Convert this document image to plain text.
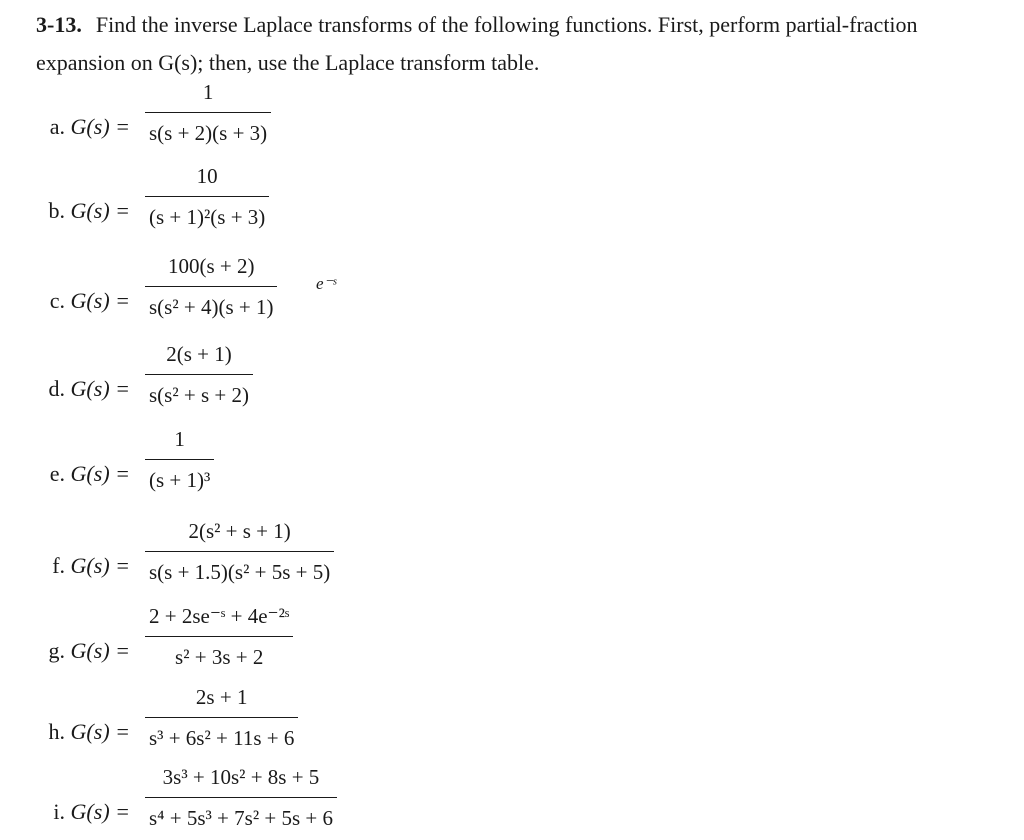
3-13. Find the inverse Laplace transforms of the following functions. First, perform partial-fraction
expansion on G(s); then, use the Laplace transform table.
a. G(s) =
1
s(s + 2)(s + 3)
b. G(s) =
10
(s + 1)²(s + 3)
c. G(s) =
100(s + 2)
s(s² + 4)(s + 1)
e⁻ˢ
d. G(s) =
2(s + 1)
s(s² + s + 2)
e. G(s) =
1
(s + 1)³
f. G(s) =
2(s² + s + 1)
s(s + 1.5)(s² + 5s + 5)
g. G(s) =
2 + 2se⁻ˢ + 4e⁻²ˢ
s² + 3s + 2
h. G(s) =
2s + 1
s³ + 6s² + 11s + 6
i. G(s) =
3s³ + 10s² + 8s + 5
s⁴ + 5s³ + 7s² + 5s + 6
